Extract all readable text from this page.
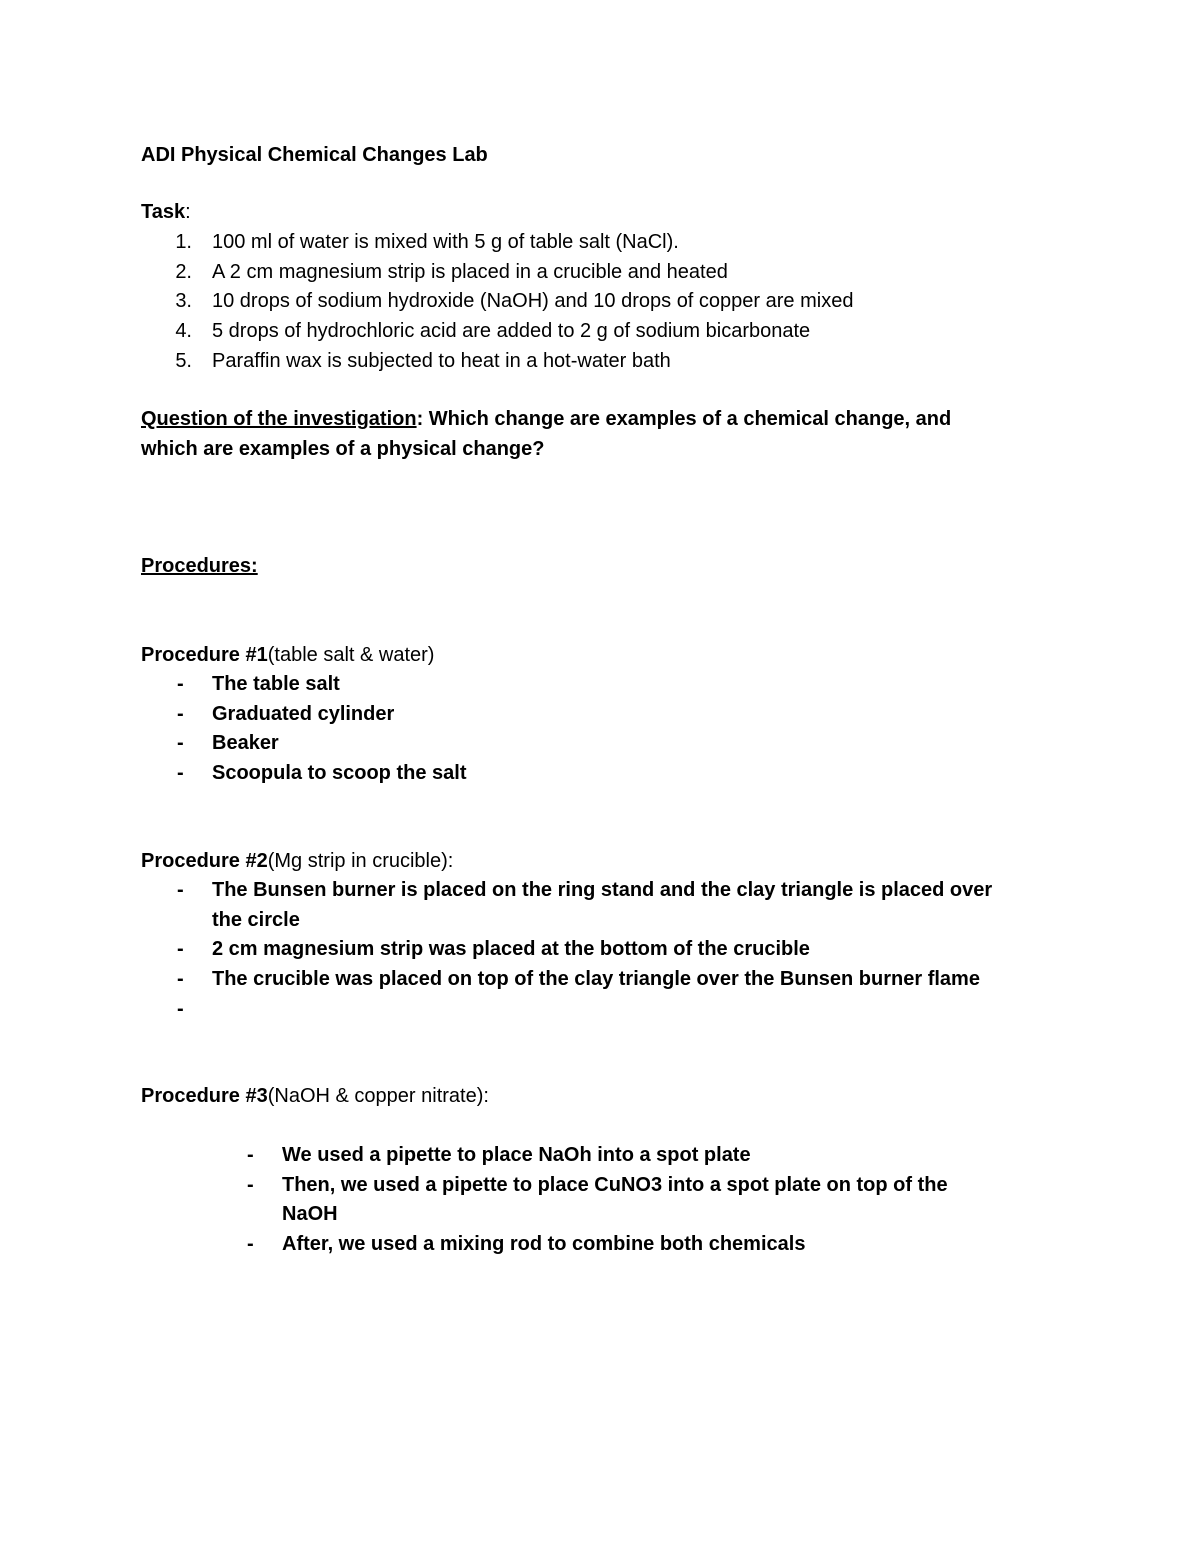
ADI Physical Chemical Changes Lab
Task:
1. 100 ml of water is mixed with 5 g of table salt (NaCl).
2. A 2 cm magnesium strip is placed in a crucible and heated
3. 10 drops of sodium hydroxide (NaOH) and 10 drops of copper are mixed
4. 5 drops of hydrochloric acid are added to 2 g of sodium bicarbonate
5. Paraffin wax is subjected to heat in a hot-water bath
Question of the investigation: Which change are examples of a chemical change, and
which are examples of a physical change?
Procedures:
Procedure #1(table salt & water)
- The table salt
- Graduated cylinder
- Beaker
- Scoopula to scoop the salt
Procedure #2(Mg strip in crucible):
- The Bunsen burner is placed on the ring stand and the clay triangle is placed over
the circle
- 2 cm magnesium strip was placed at the bottom of the crucible
- The crucible was placed on top of the clay triangle over the Bunsen burner flame
-

Procedure #3(NaOH & copper nitrate):
- We used a pipette to place NaOh into a spot plate
- Then, we used a pipette to place CuNO3 into a spot plate on top of the
NaOH
- After, we used a mixing rod to combine both chemicals
